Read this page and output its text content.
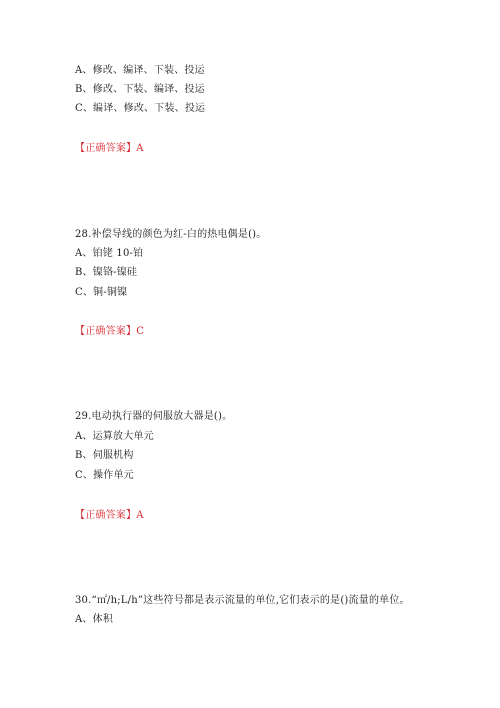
A、修改、编译、下装、投运
B、修改、下装、编译、投运
C、编译、修改、下装、投运
【正确答案】A
28.补偿导线的颜色为红-白的热电偶是()。
A、铂铑 10-铂
B、镍铬-镍硅
C、铜-铜镍
【正确答案】C
29.电动执行器的伺服放大器是()。
A、运算放大单元
B、伺服机构
C、操作单元
【正确答案】A
30.“㎡/h;L/h”这些符号都是表示流量的单位,它们表示的是()流量的单位。
A、体积
